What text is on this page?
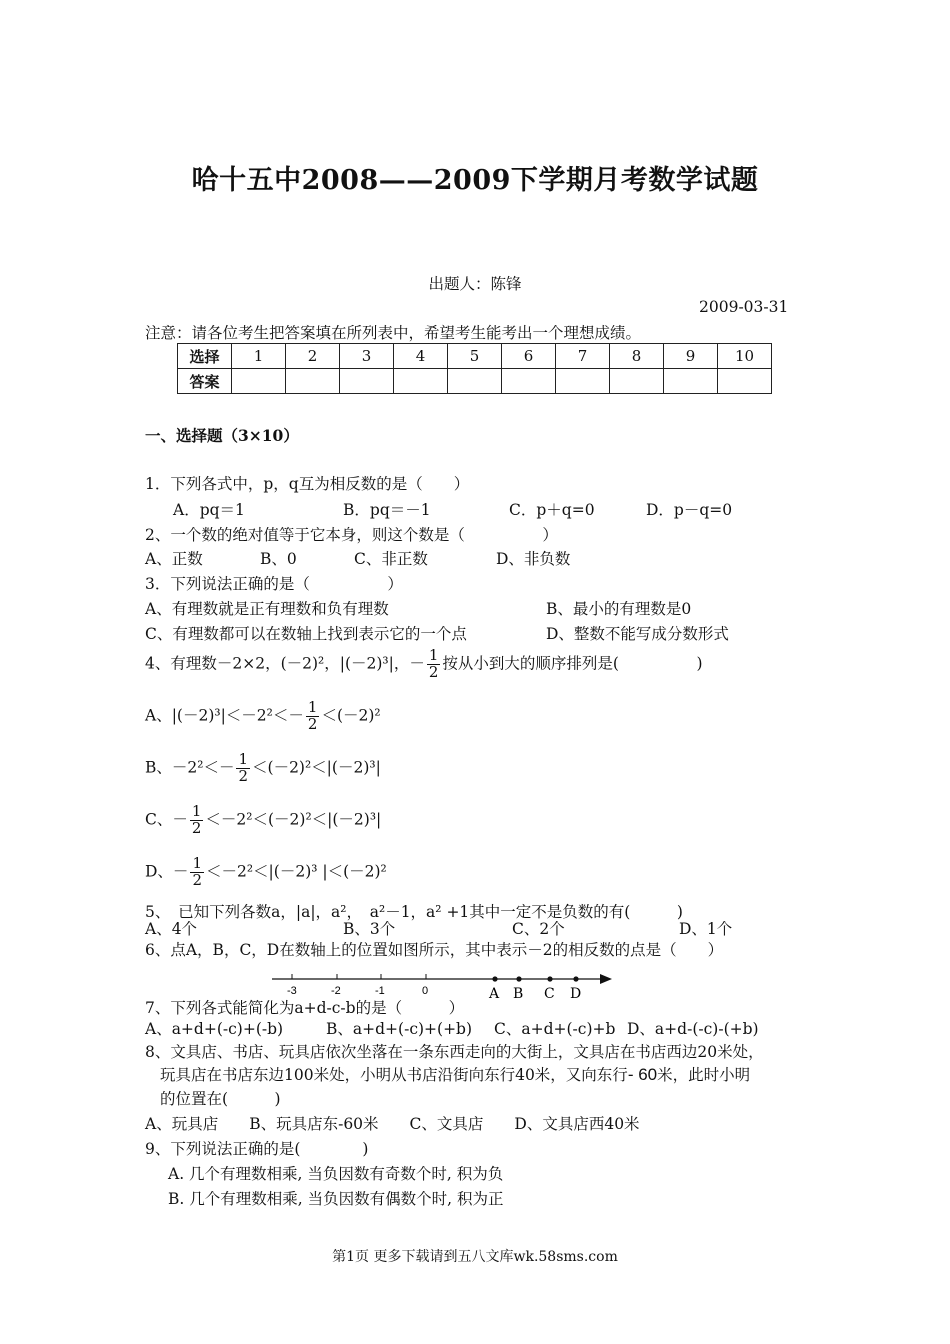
哈十五中2008——2009下学期月考数学试题
出题人：陈锋
2009-03-31
注意：请各位考生把答案填在所列表中，希望考生能考出一个理想成绩。
选择	1	2	3	4	5	6	7	8	9	10
答案										
一、选择题（3×10）
1．下列各式中，p，q互为相反数的是（　　）
A．pq＝1	B．pq＝－1	C．p＋q=0	D．p－q=0
2、一个数的绝对值等于它本身，则这个数是（　　　　　）
A、正数	B、0	C、非正数	D、非负数
3．下列说法正确的是（　　　　　）
A、有理数就是正有理数和负有理数	B、最小的有理数是0
C、有理数都可以在数轴上找到表示它的一个点	D、整数不能写成分数形式
4、有理数－2×2，(－2)²，|(－2)³|，－ $\frac{1}{2}$ 按从小到大的顺序排列是(　　　　　)
A、$|(-2)^3|<-2^2<- \frac{1}{2} <(-2)^2$
B、$-2^2<- \frac{1}{2} <(-2)^2<|(-2)^3|$
C、－ $\frac{1}{2} <-2^2<(-2)^2<|(-2)^3|$
D、－ $\frac{1}{2} <-2^2<|(-2)^3$ |＜(－2)²
5、　已知下列各数a，|a|，a²，　a²－1，a² +1其中一定不是负数的有(　　　)
A、4个	B、3个	C、2个	D、1个
6、点A，B，C，D在数轴上的位置如图所示，其中表示－2的相反数的点是（　　）
-3	-2	-1	0	A B C D
7、下列各式能简化为a+d-c-b的是（　　　）
A、a+d+(-c)+(-b)	B、a+d+(-c)+(+b) C、a+d+(-c)+b D、a+d-(-c)-(+b)
8、文具店、书店、玩具店依次坐落在一条东西走向的大街上，文具店在书店西边20米处，
玩具店在书店东边100米处，小明从书店沿街向东行40米，又向东行- 60米，此时小明
的位置在(　　　)
A、玩具店　　B、玩具店东-60米　　C、文具店　　D、文具店西40米
9、下列说法正确的是(　　　　)
A. 几个有理数相乘, 当负因数有奇数个时, 积为负
B. 几个有理数相乘, 当负因数有偶数个时, 积为正
第1页 更多下载请到五八文库wk.58sms.com
